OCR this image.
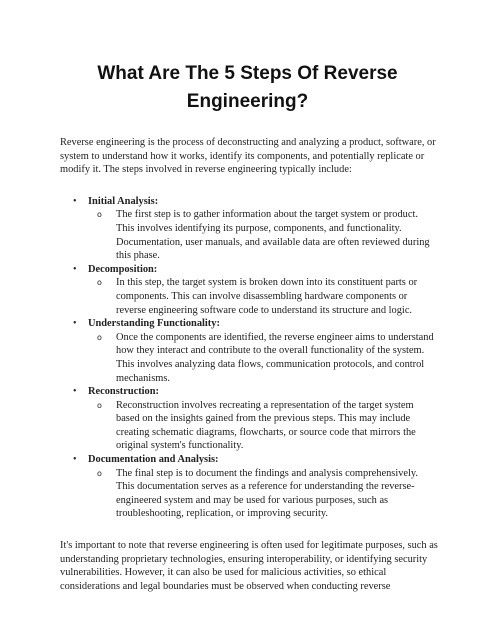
What Are The 5 Steps Of Reverse Engineering?

Reverse engineering is the process of deconstructing and analyzing a product, software, or system to understand how it works, identify its components, and potentially replicate or modify it. The steps involved in reverse engineering typically include:

• Initial Analysis:
o The first step is to gather information about the target system or product. This involves identifying its purpose, components, and functionality. Documentation, user manuals, and available data are often reviewed during this phase.
• Decomposition:
o In this step, the target system is broken down into its constituent parts or components. This can involve disassembling hardware components or reverse engineering software code to understand its structure and logic.
• Understanding Functionality:
o Once the components are identified, the reverse engineer aims to understand how they interact and contribute to the overall functionality of the system. This involves analyzing data flows, communication protocols, and control mechanisms.
• Reconstruction:
o Reconstruction involves recreating a representation of the target system based on the insights gained from the previous steps. This may include creating schematic diagrams, flowcharts, or source code that mirrors the original system's functionality.
• Documentation and Analysis:
o The final step is to document the findings and analysis comprehensively. This documentation serves as a reference for understanding the reverse-engineered system and may be used for various purposes, such as troubleshooting, replication, or improving security.

It's important to note that reverse engineering is often used for legitimate purposes, such as understanding proprietary technologies, ensuring interoperability, or identifying security vulnerabilities. However, it can also be used for malicious activities, so ethical considerations and legal boundaries must be observed when conducting reverse
